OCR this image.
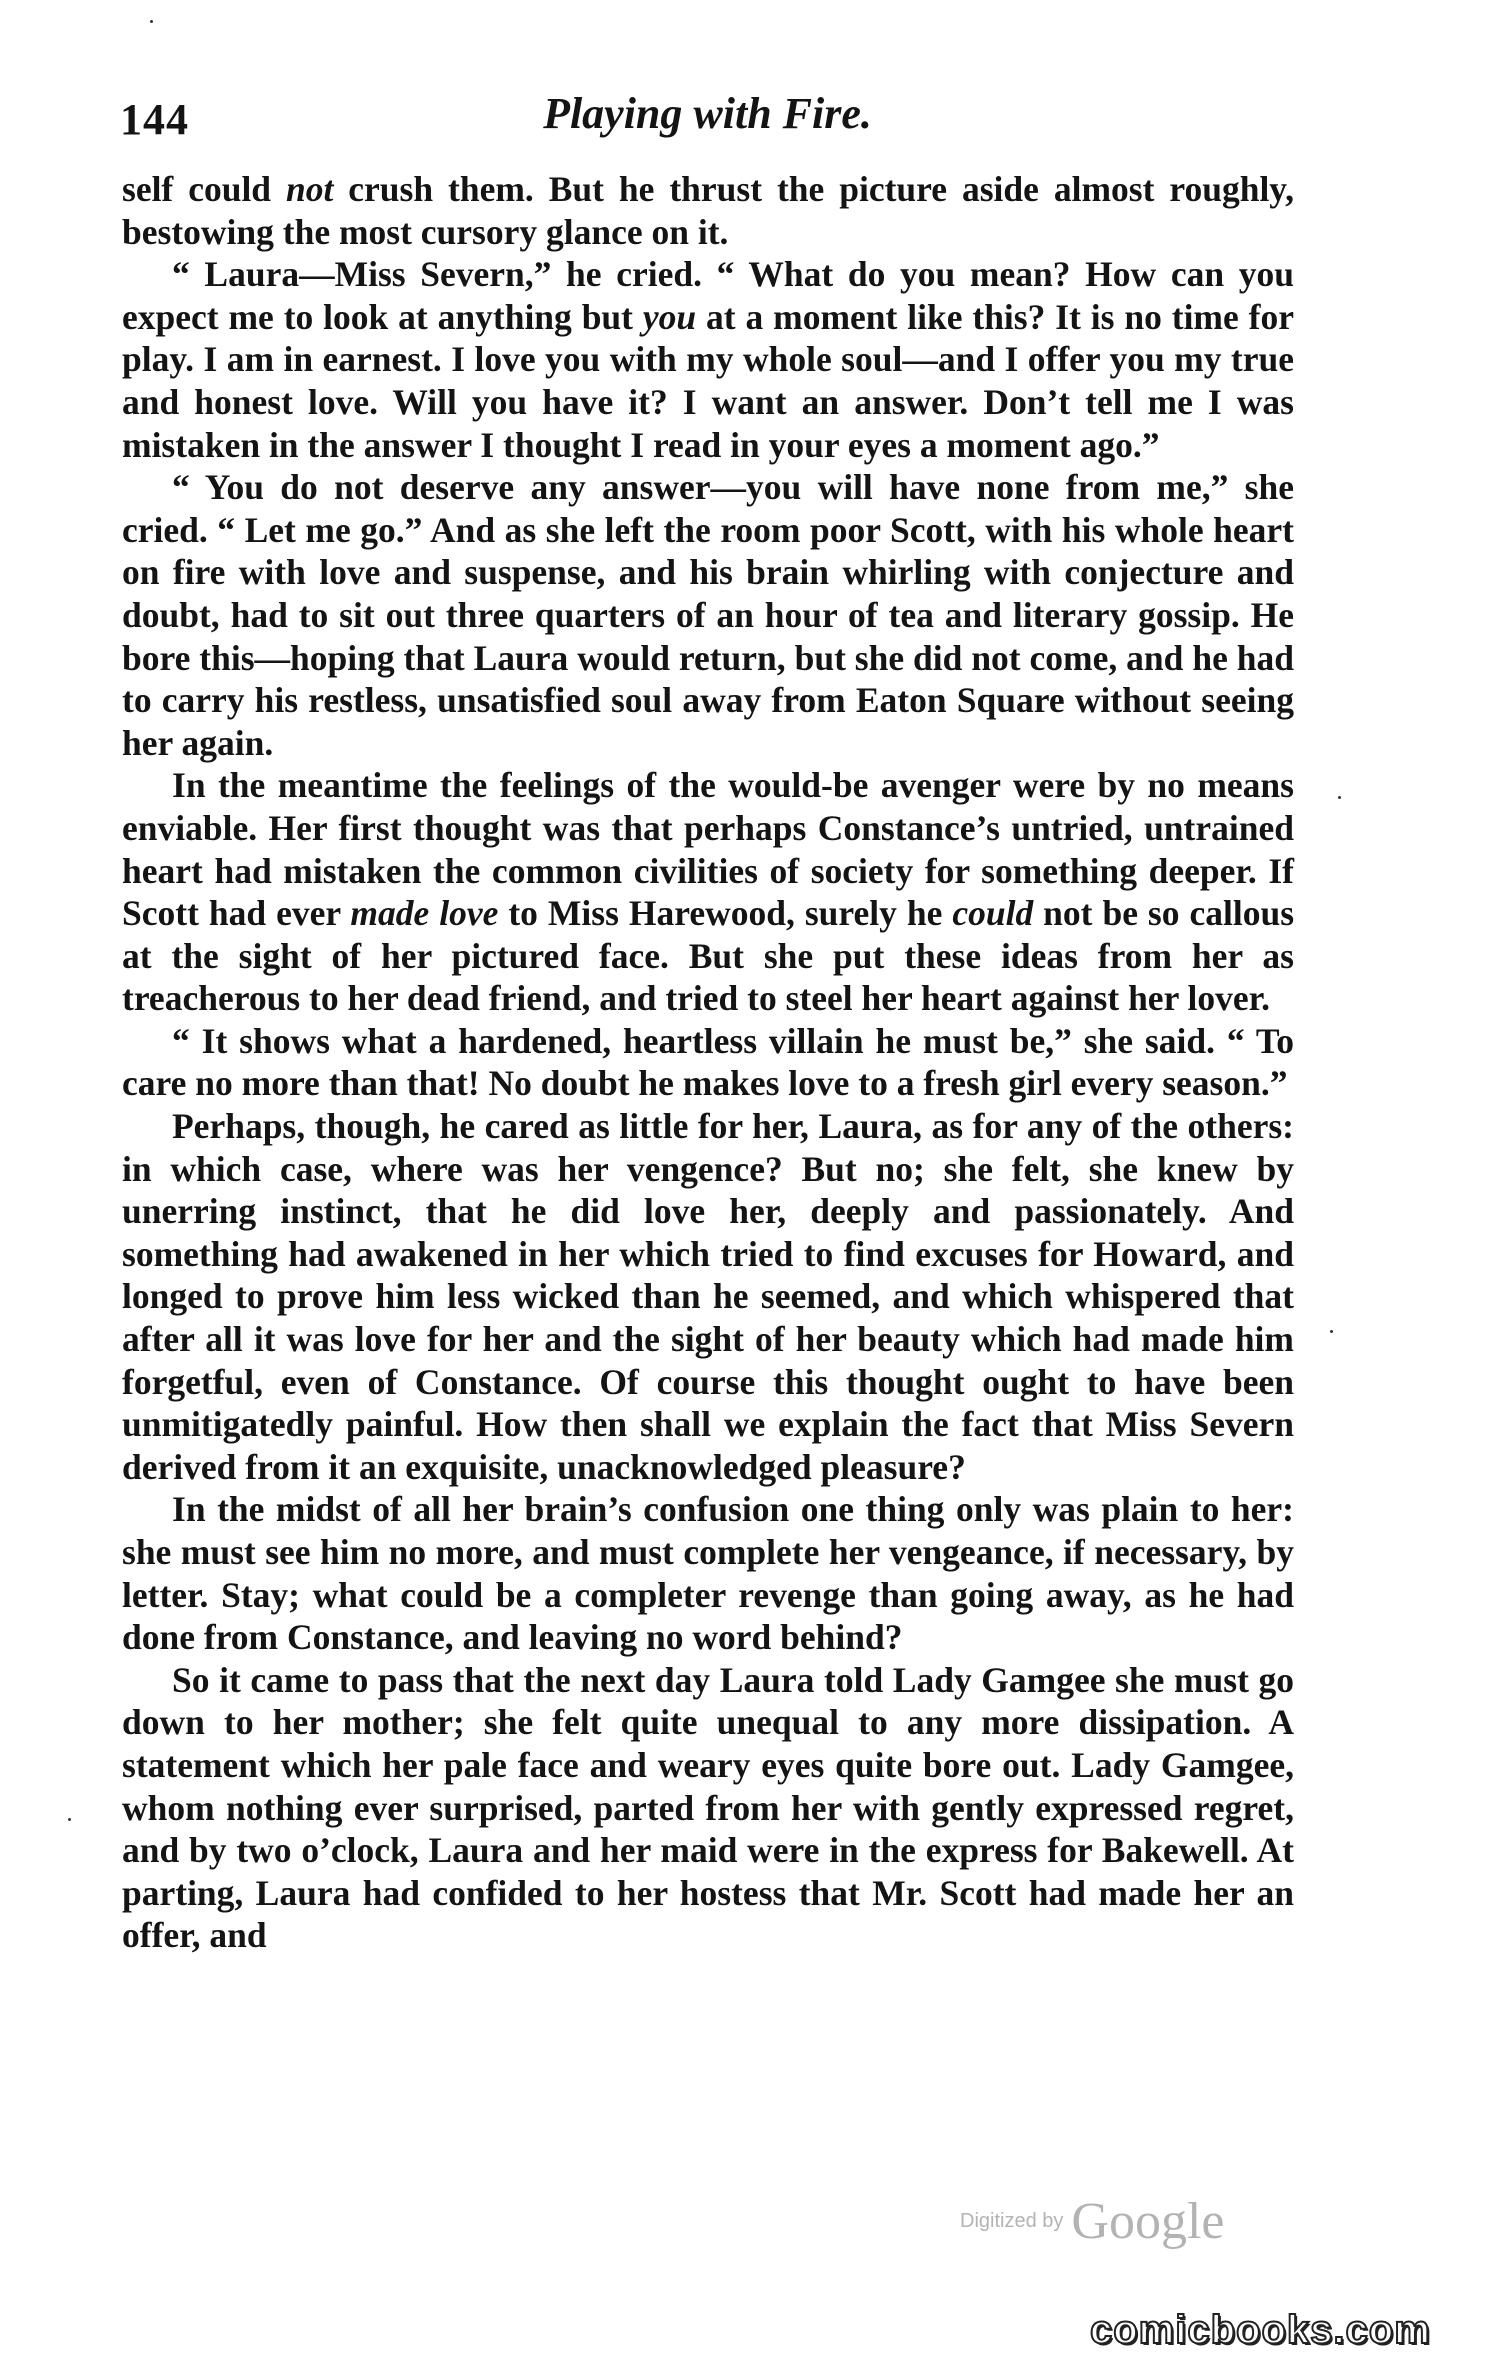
144	Playing with Fire.

self could not crush them. But he thrust the picture aside almost roughly, bestowing the most cursory glance on it.

“ Laura—Miss Severn,” he cried. “ What do you mean? How can you expect me to look at anything but you at a moment like this? It is no time for play. I am in earnest. I love you with my whole soul—and I offer you my true and honest love. Will you have it? I want an answer. Don’t tell me I was mistaken in the answer I thought I read in your eyes a moment ago.”

“ You do not deserve any answer—you will have none from me,” she cried. “ Let me go.” And as she left the room poor Scott, with his whole heart on fire with love and suspense, and his brain whirling with conjecture and doubt, had to sit out three quarters of an hour of tea and literary gossip. He bore this—hoping that Laura would return, but she did not come, and he had to carry his restless, unsatisfied soul away from Eaton Square without seeing her again.

In the meantime the feelings of the would-be avenger were by no means enviable. Her first thought was that perhaps Constance’s untried, untrained heart had mistaken the common civilities of society for something deeper. If Scott had ever made love to Miss Harewood, surely he could not be so callous at the sight of her pictured face. But she put these ideas from her as treacherous to her dead friend, and tried to steel her heart against her lover.

“ It shows what a hardened, heartless villain he must be,” she said. “ To care no more than that! No doubt he makes love to a fresh girl every season.”

Perhaps, though, he cared as little for her, Laura, as for any of the others: in which case, where was her vengence? But no; she felt, she knew by unerring instinct, that he did love her, deeply and passionately. And something had awakened in her which tried to find excuses for Howard, and longed to prove him less wicked than he seemed, and which whispered that after all it was love for her and the sight of her beauty which had made him forgetful, even of Constance. Of course this thought ought to have been unmitigatedly painful. How then shall we explain the fact that Miss Severn derived from it an exquisite, unacknowledged pleasure?

In the midst of all her brain’s confusion one thing only was plain to her: she must see him no more, and must complete her vengeance, if necessary, by letter. Stay; what could be a completer revenge than going away, as he had done from Constance, and leaving no word behind?

So it came to pass that the next day Laura told Lady Gamgee she must go down to her mother; she felt quite unequal to any more dissipation. A statement which her pale face and weary eyes quite bore out. Lady Gamgee, whom nothing ever surprised, parted from her with gently expressed regret, and by two o’clock, Laura and her maid were in the express for Bakewell. At parting, Laura had confided to her hostess that Mr. Scott had made her an offer, and

Digitized by Google
comicbooks.com
